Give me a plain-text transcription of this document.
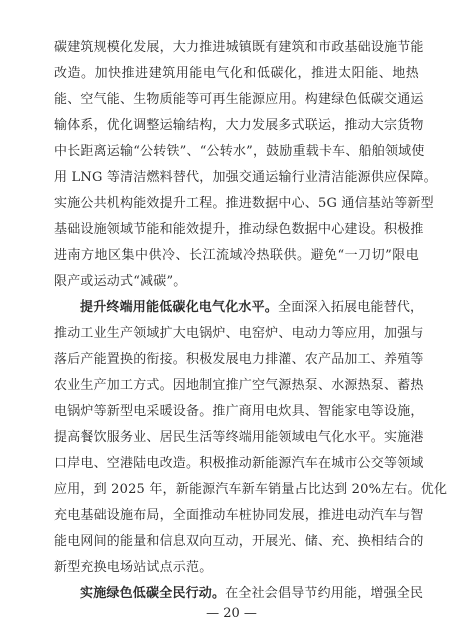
碳建筑规模化发展，大力推进城镇既有建筑和市政基础设施节能
改造。加快推进建筑用能电气化和低碳化，推进太阳能、地热
能、空气能、生物质能等可再生能源应用。构建绿色低碳交通运
输体系，优化调整运输结构，大力发展多式联运，推动大宗货物
中长距离运输“公转铁”、“公转水”，鼓励重载卡车、船舶领域使
用 LNG 等清洁燃料替代，加强交通运输行业清洁能源供应保障。
实施公共机构能效提升工程。推进数据中心、5G 通信基站等新型
基础设施领域节能和能效提升，推动绿色数据中心建设。积极推
进南方地区集中供冷、长江流域冷热联供。避免“一刀切”限电
限产或运动式“减碳”。
提升终端用能低碳化电气化水平。全面深入拓展电能替代，
推动工业生产领域扩大电锅炉、电窑炉、电动力等应用，加强与
落后产能置换的衔接。积极发展电力排灌、农产品加工、养殖等
农业生产加工方式。因地制宜推广空气源热泵、水源热泵、蓄热
电锅炉等新型电采暖设备。推广商用电炊具、智能家电等设施，
提高餐饮服务业、居民生活等终端用能领域电气化水平。实施港
口岸电、空港陆电改造。积极推动新能源汽车在城市公交等领域
应用，到 2025 年，新能源汽车新车销量占比达到 20%左右。优化
充电基础设施布局，全面推动车桩协同发展，推进电动汽车与智
能电网间的能量和信息双向互动，开展光、储、充、换相结合的
新型充换电场站试点示范。
实施绿色低碳全民行动。在全社会倡导节约用能，增强全民
— 20 —
